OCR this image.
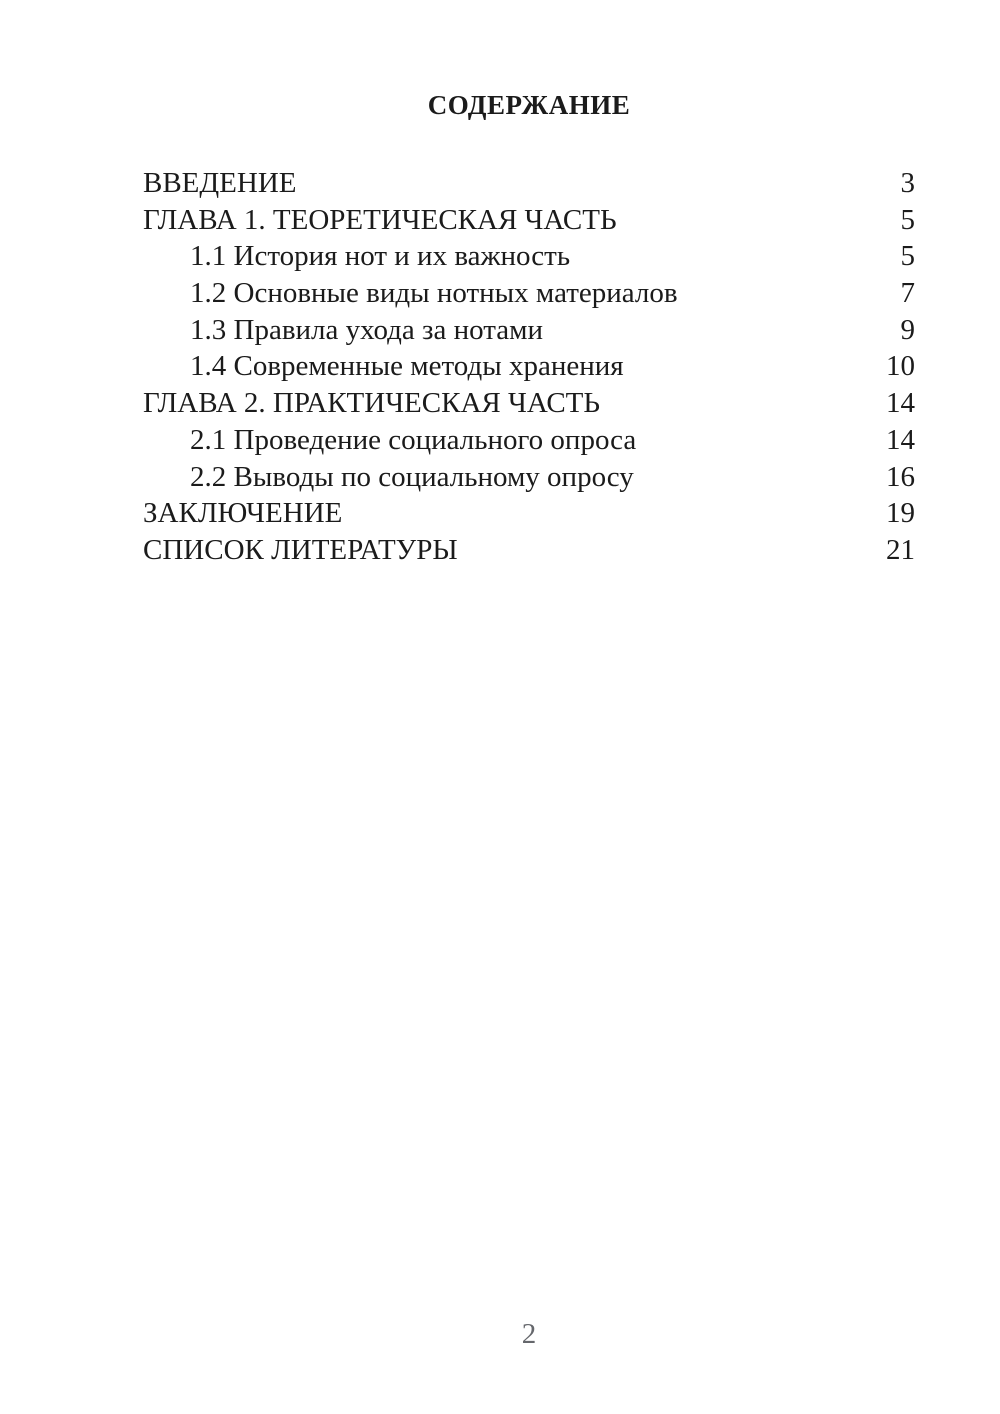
СОДЕРЖАНИЕ
ВВЕДЕНИЕ	3
ГЛАВА 1. ТЕОРЕТИЧЕСКАЯ ЧАСТЬ	5
1.1 История нот и их важность	5
1.2 Основные виды нотных материалов	7
1.3 Правила ухода за нотами	9
1.4 Современные методы хранения	10
ГЛАВА 2. ПРАКТИЧЕСКАЯ ЧАСТЬ	14
2.1 Проведение социального опроса	14
2.2 Выводы по социальному опросу	16
ЗАКЛЮЧЕНИЕ	19
СПИСОК ЛИТЕРАТУРЫ	21
2
